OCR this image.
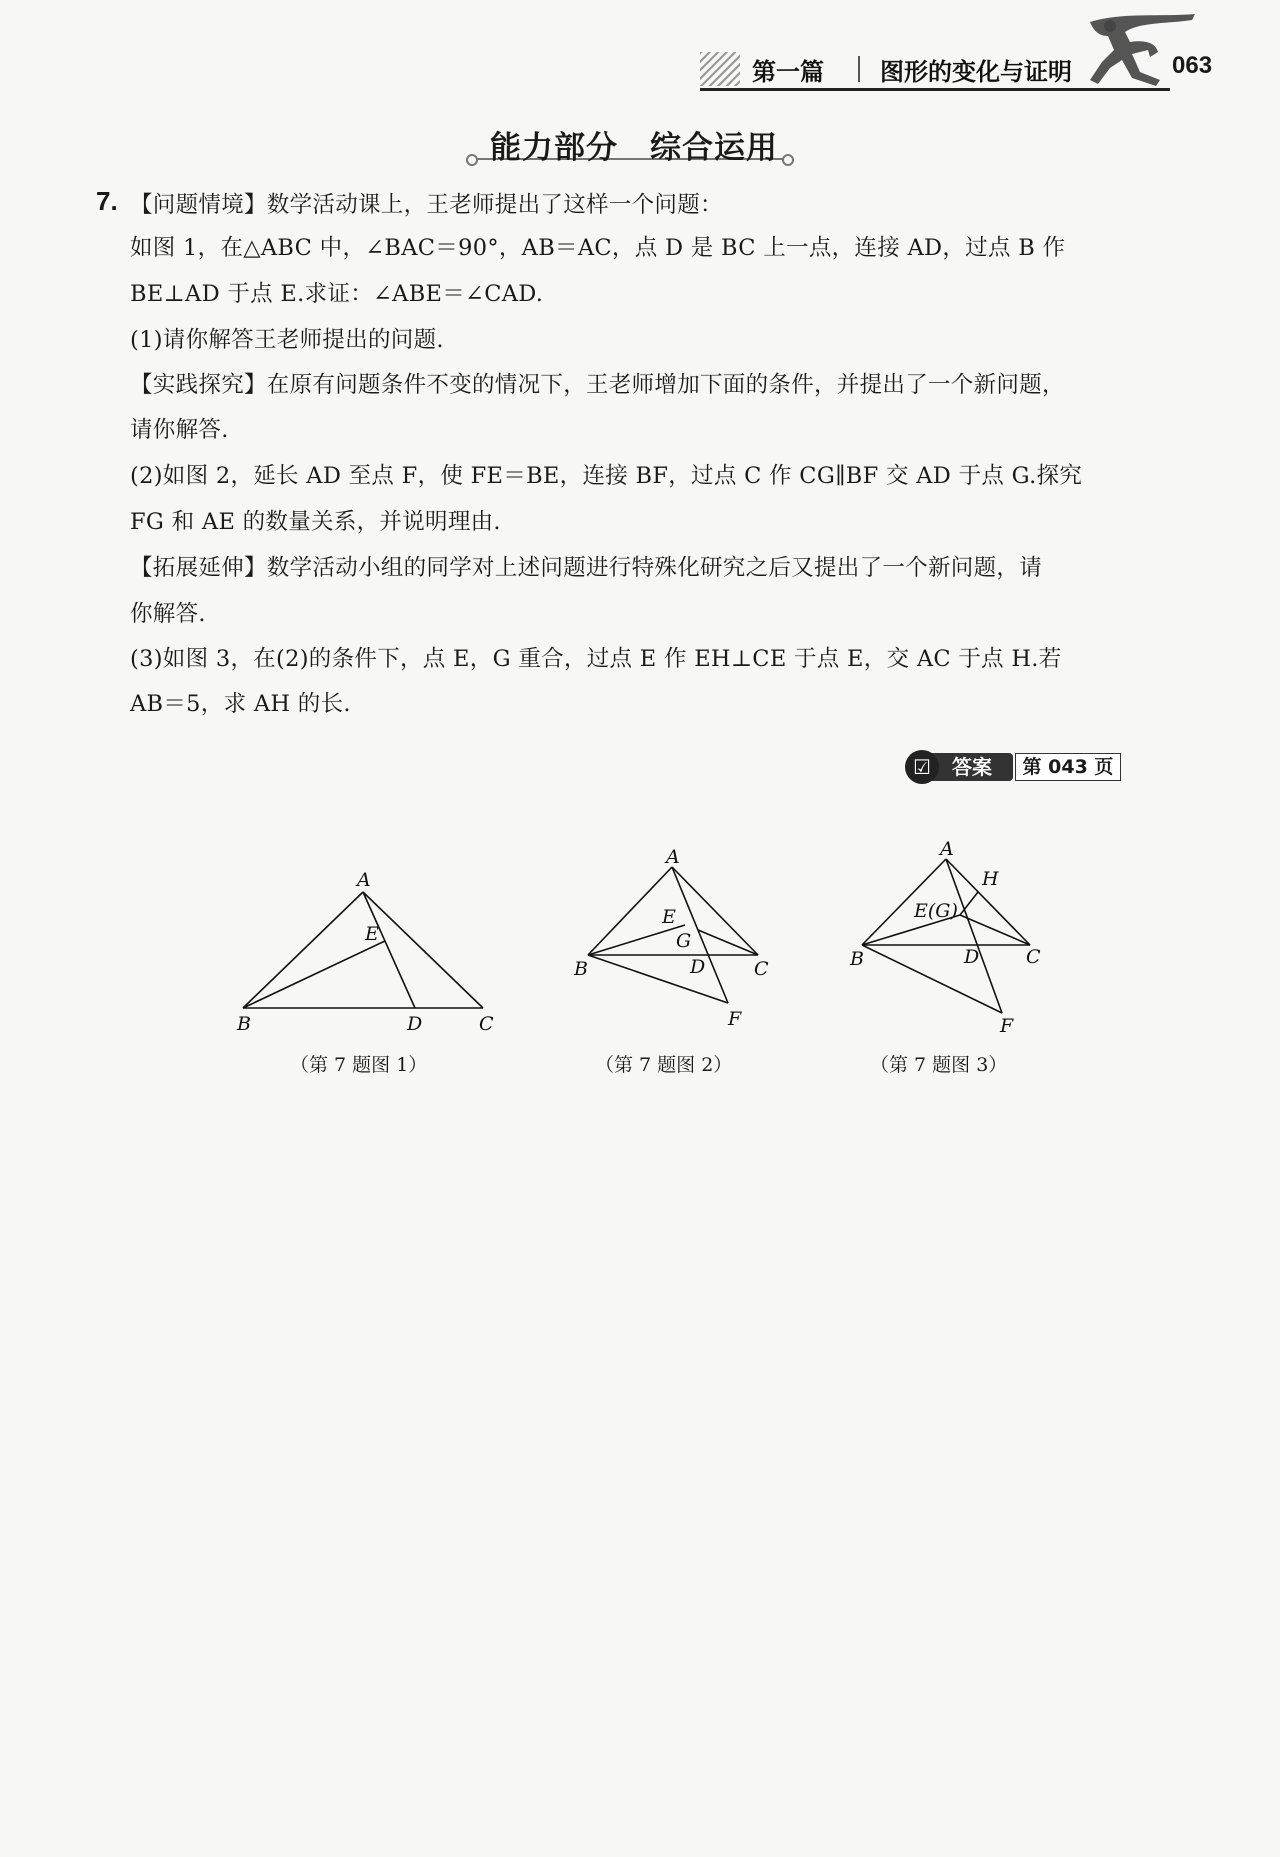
第一篇 图形的变化与证明	063
能力部分　综合运用
7. 【问题情境】数学活动课上，王老师提出了这样一个问题：
如图 1，在△ABC 中，∠BAC＝90°，AB＝AC，点 D 是 BC 上一点，连接 AD，过点 B 作
BE⊥AD 于点 E.求证：∠ABE＝∠CAD.
(1)请你解答王老师提出的问题.
【实践探究】在原有问题条件不变的情况下，王老师增加下面的条件，并提出了一个新问题，
请你解答.
(2)如图 2，延长 AD 至点 F，使 FE＝BE，连接 BF，过点 C 作 CG∥BF 交 AD 于点 G.探究
FG 和 AE 的数量关系，并说明理由.
【拓展延伸】数学活动小组的同学对上述问题进行特殊化研究之后又提出了一个新问题，请
你解答.
(3)如图 3，在(2)的条件下，点 E，G 重合，过点 E 作 EH⊥CE 于点 E，交 AC 于点 H.若
AB＝5，求 AH 的长.
答案
☑	第 043 页
A
B	C
D
E
（第 7 题图 1）
A
B	C
D
E
G
F
（第 7 题图 2）
A
H
E(G)
B	D C
F
（第 7 题图 3）
